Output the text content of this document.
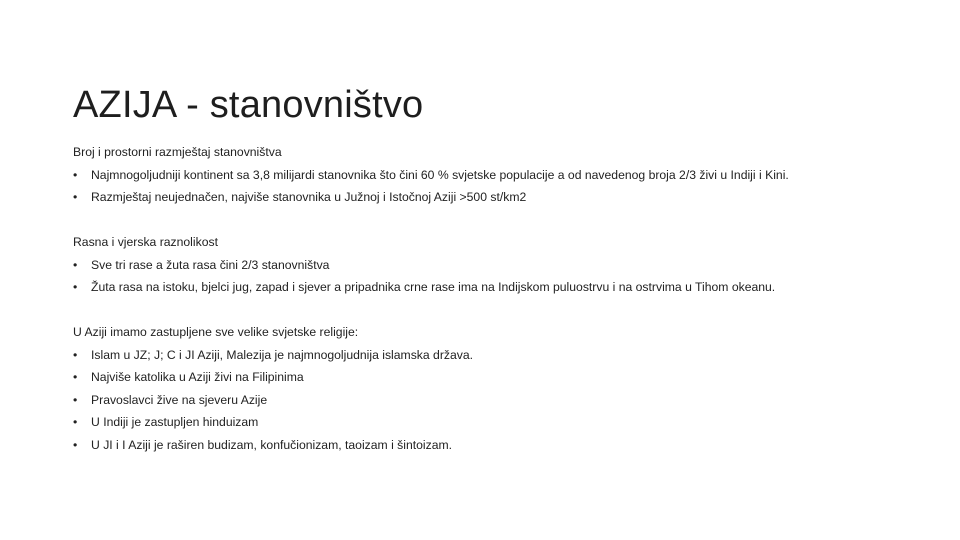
AZIJA - stanovništvo
Broj i prostorni razmještaj stanovništva
•	Najmnogoljudniji kontinent sa 3,8 milijardi stanovnika što čini 60 % svjetske populacije a od navedenog broja 2/3 živi u Indiji i Kini.
•	Razmještaj neujednačen, najviše stanovnika u Južnoj i Istočnoj Aziji >500 st/km2
Rasna i vjerska raznolikost
•	Sve tri rase a žuta rasa čini 2/3 stanovništva
•	Žuta rasa na istoku, bjelci jug, zapad i sjever a pripadnika crne rase ima na Indijskom puluostrvu i na ostrvima u Tihom okeanu.
U Aziji imamo zastupljene sve velike svjetske religije:
•	Islam u JZ; J; C i JI Aziji, Malezija je najmnogoljudnija islamska država.
•	Najviše katolika u Aziji živi na Filipinima
•	Pravoslavci žive na sjeveru Azije
•	U Indiji je zastupljen hinduizam
•	U JI i I Aziji je raširen budizam, konfučionizam, taoizam i šintoizam.
